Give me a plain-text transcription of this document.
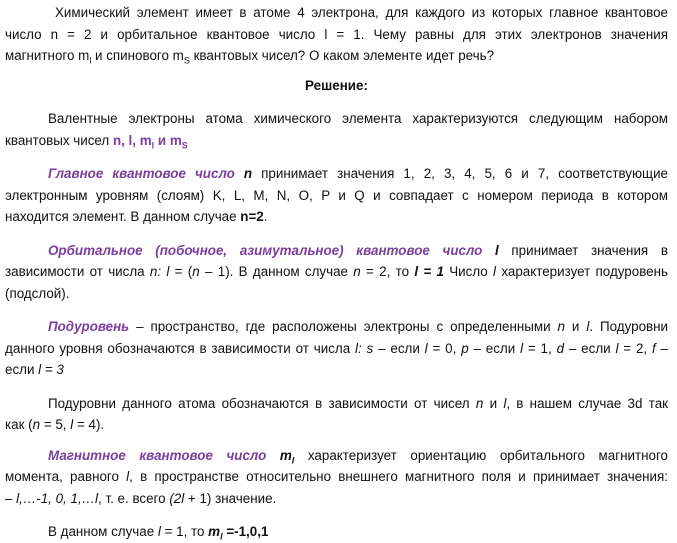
Химический элемент имеет в атоме 4 электрона, для каждого из которых главное квантовое

число n = 2 и орбитальное квантовое число l = 1. Чему равны для этих электронов значения

магнитного $m_l$ и спинового $m_S$ квантовых чисел? О каком элементе идет речь?

Решение:

Валентные электроны атома химического элемента характеризуются следующим набором

квантовых чисел n, l, $m_l$ и $m_S$

Главное квантовое число n принимает значения 1, 2, 3, 4, 5, 6 и 7, соответствующие

электронным уровням (слоям) K, L, M, N, O, P и Q и совпадает с номером периода в котором

находится элемент. В данном случае n=2.

Орбитальное (побочное, азимутальное) квантовое число l принимает значения в

зависимости от числа n: l = (n – 1). В данном случае n = 2, то l = 1 Число l характеризует подуровень

(подслой).

Подуровень – пространство, где расположены электроны с определенными n и l. Подуровни

данного уровня обозначаются в зависимости от числа l: s – если l = 0, p – если l = 1, d – если l = 2, f –

если l = 3

Подуровни данного атома обозначаются в зависимости от чисел n и l, в нашем случае 3d так

как (n = 5, l = 4).

Магнитное квантовое число $m_l$ характеризует ориентацию орбитального магнитного

момента, равного l, в пространстве относительно внешнего магнитного поля и принимает значения:

– l,…-1, 0, 1,…l, т. е. всего (2l + 1) значение.

В данном случае l = 1, то $m_l =-1,0,1$
